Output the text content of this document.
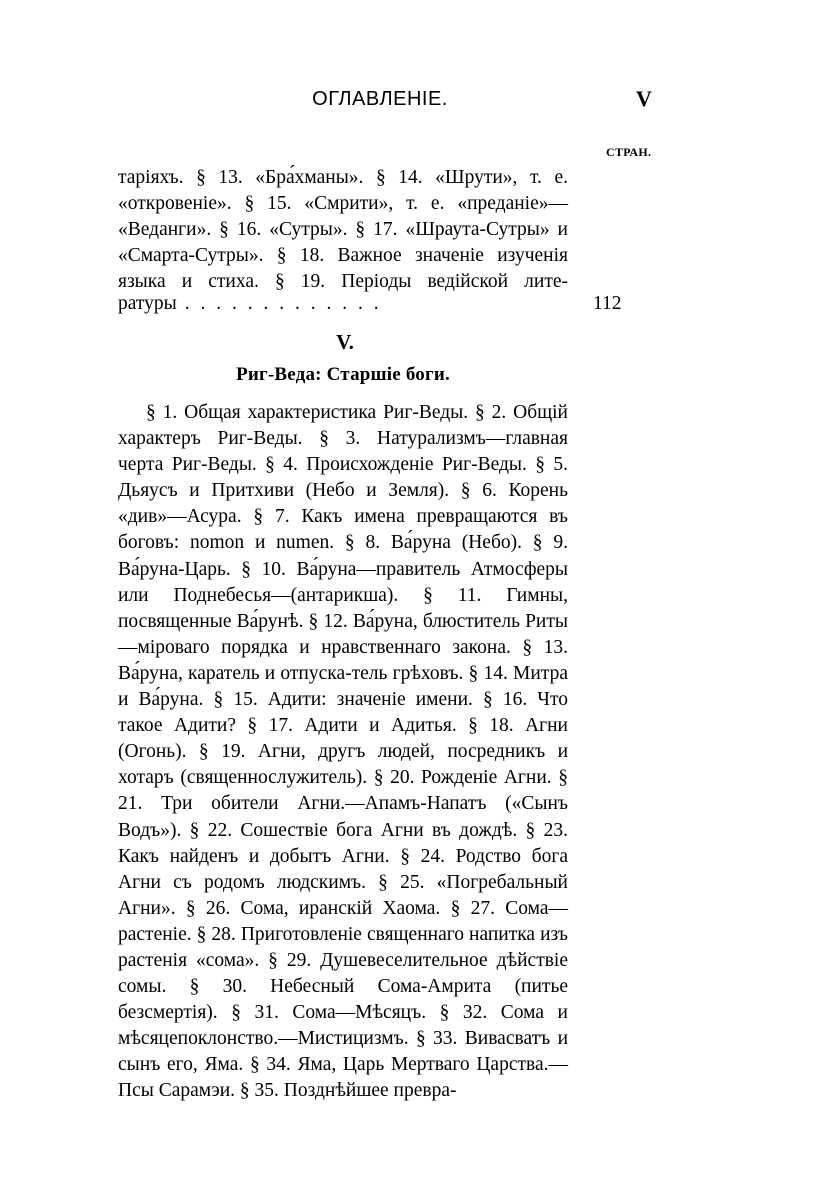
ОГЛАВЛЕНІЕ.	V
СТРАН.
таріяхъ. § 13. «Бра́хманы». § 14. «Шрути», т. е. «откровеніе». § 15. «Смрити», т. е. «преданіе»— «Веданги». § 16. «Сутры». § 17. «Шраута-Сутры» и «Смарта-Сутры». § 18. Важное значеніе изученія языка и стиха. § 19. Періоды ведійской лите-
ратуры . . . . . . . . . . . . .	112
V.
Риг-Веда: Старшіе боги.
§ 1. Общая характеристика Риг-Веды. § 2. Общій характеръ Риг-Веды. § 3. Натурализмъ—главная черта Риг-Веды. § 4. Происхожденіе Риг-Веды. § 5. Дьяусъ и Притхиви (Небо и Земля). § 6. Корень «див»—Асура. § 7. Какъ имена превращаются въ боговъ: nomon и numen. § 8. Ва́руна (Небо). § 9. Ва́руна-Царь. § 10. Ва́руна—правитель Атмосферы или Поднебесья—(антарикша). § 11. Гимны, посвященные Ва́рунѣ. § 12. Ва́руна, блюститель Риты—міроваго порядка и нравственнаго закона. § 13. Ва́руна, каратель и отпуска-тель грѣховъ. § 14. Митра и Ва́руна. § 15. Адити: значеніе имени. § 16. Что такое Адити? § 17. Адити и Адитья. § 18. Агни (Огонь). § 19. Агни, другъ людей, посредникъ и хотаръ (священнослужитель). § 20. Рожденіе Агни. § 21. Три обители Агни.—Апамъ-Напатъ («Сынъ Водъ»). § 22. Сошествіе бога Агни въ дождѣ. § 23. Какъ найденъ и добытъ Агни. § 24. Родство бога Агни съ родомъ людскимъ. § 25. «Погребальный Агни». § 26. Сома, иранскій Хаома. § 27. Сома—растеніе. § 28. Приготовленіе священнаго напитка изъ растенія «сома». § 29. Душевеселительное дѣйствіе сомы. § 30. Небесный Сома-Амрита (питье безсмертія). § 31. Сома—Мѣсяцъ. § 32. Сома и мѣсяцепоклонство.—Мистицизмъ. § 33. Вивасватъ и сынъ его, Яма. § 34. Яма, Царь Мертваго Царства.—Псы Сарамэи. § 35. Позднѣйшее превра-
